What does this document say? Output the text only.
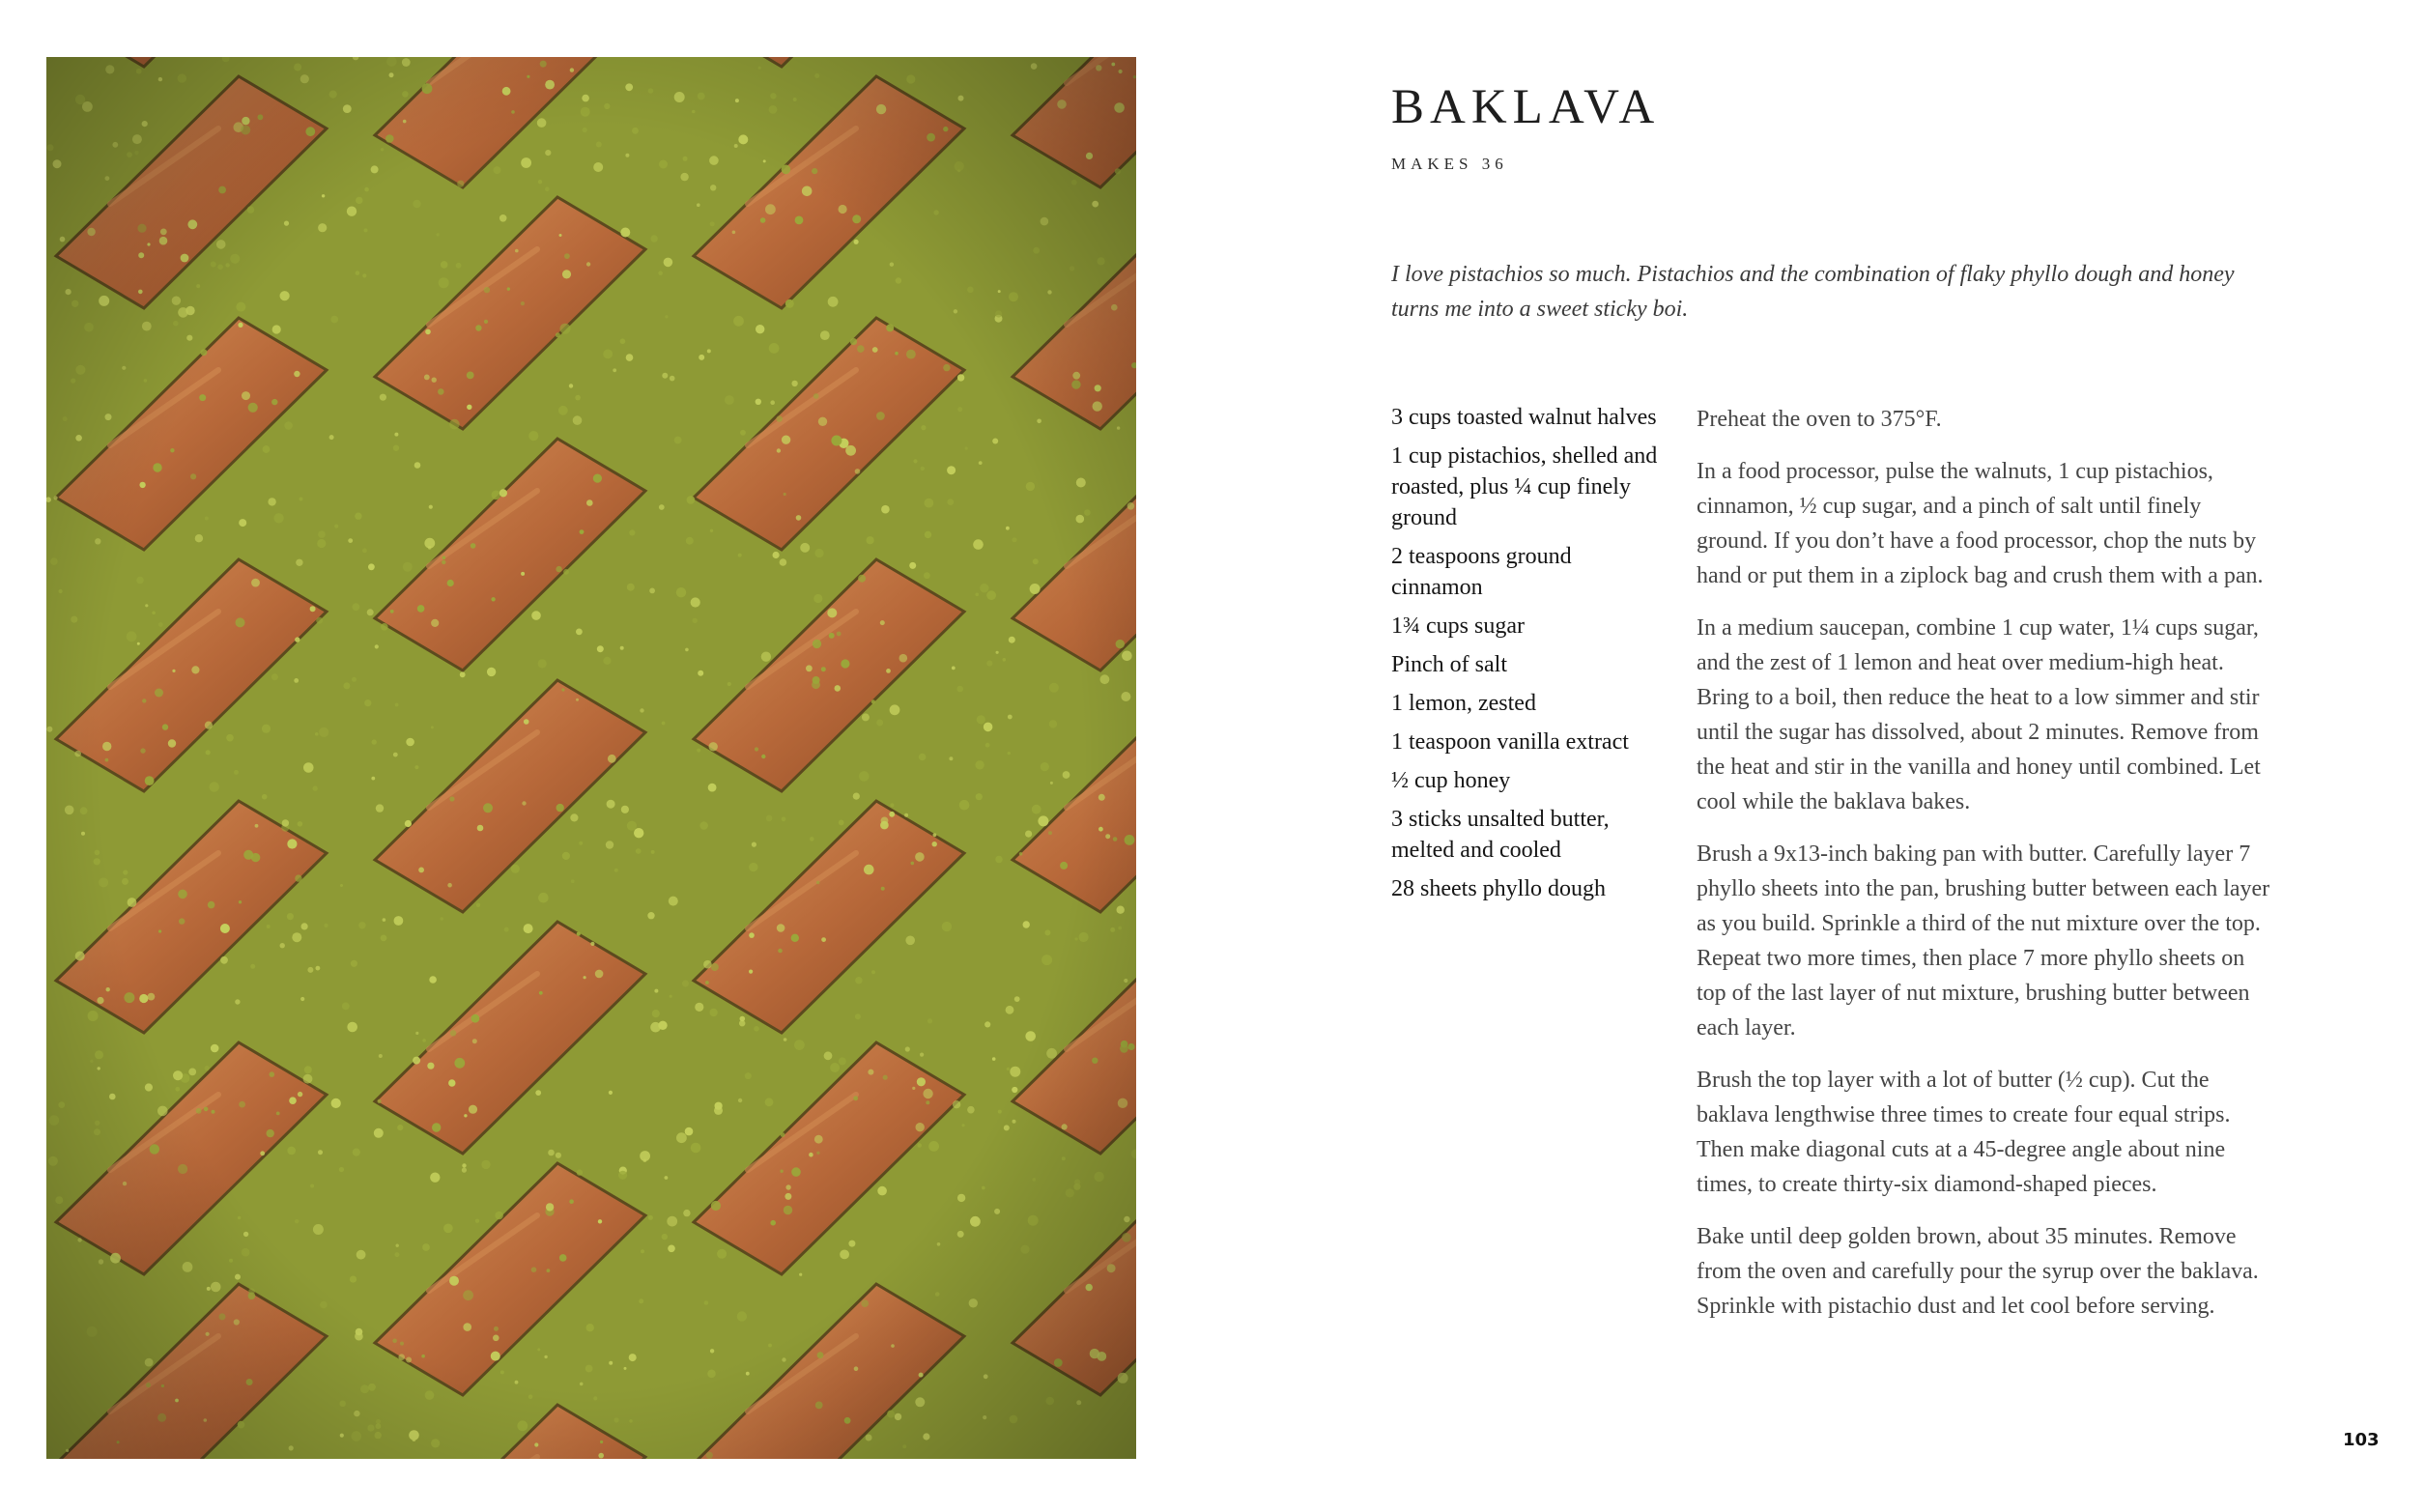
BAKLAVA
MAKES 36

I love pistachios so much. Pistachios and the combination of flaky phyllo dough and honey turns me into a sweet sticky boi.

3 cups toasted walnut halves
1 cup pistachios, shelled and roasted, plus ¼ cup finely ground
2 teaspoons ground cinnamon
1¾ cups sugar
Pinch of salt
1 lemon, zested
1 teaspoon vanilla extract
½ cup honey
3 sticks unsalted butter, melted and cooled
28 sheets phyllo dough

Preheat the oven to 375°F.

In a food processor, pulse the walnuts, 1 cup pistachios, cinnamon, ½ cup sugar, and a pinch of salt until finely ground. If you don’t have a food processor, chop the nuts by hand or put them in a ziplock bag and crush them with a pan.

In a medium saucepan, combine 1 cup water, 1¼ cups sugar, and the zest of 1 lemon and heat over medium-high heat. Bring to a boil, then reduce the heat to a low simmer and stir until the sugar has dissolved, about 2 minutes. Remove from the heat and stir in the vanilla and honey until combined. Let cool while the baklava bakes.

Brush a 9x13-inch baking pan with butter. Carefully layer 7 phyllo sheets into the pan, brushing butter between each layer as you build. Sprinkle a third of the nut mixture over the top. Repeat two more times, then place 7 more phyllo sheets on top of the last layer of nut mixture, brushing butter between each layer.

Brush the top layer with a lot of butter (½ cup). Cut the baklava lengthwise three times to create four equal strips. Then make diagonal cuts at a 45-degree angle about nine times, to create thirty-six diamond-shaped pieces.

Bake until deep golden brown, about 35 minutes. Remove from the oven and carefully pour the syrup over the baklava. Sprinkle with pistachio dust and let cool before serving.

103
